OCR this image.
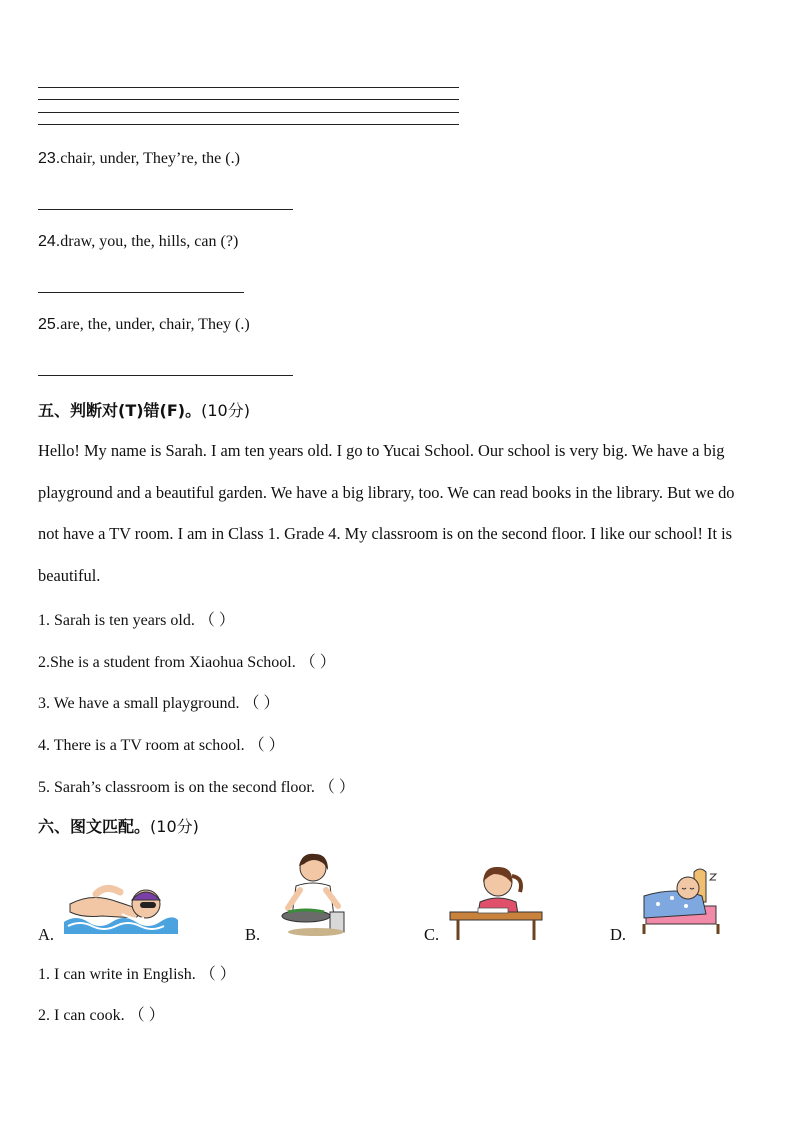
23.chair, under, They’re, the (.)
24.draw, you, the, hills, can (?)
25.are, the, under, chair, They (.)
五、判断对(T)错(F)。(10分)
Hello! My name is Sarah. I am ten years old. I go to Yucai School. Our school is very big. We have a big playground and a beautiful garden. We have a big library, too. We can read books in the library. But we do not have a TV room. I am in Class 1. Grade 4. My classroom is on the second floor. I like our school! It is beautiful.
1. Sarah is ten years old. （ ）
2.She is a student from Xiaohua School. （ ）
3. We have a small playground. （ ）
4. There is a TV room at school. （ ）
5. Sarah’s classroom is on the second floor. （ ）
六、图文匹配。(10分)
A.	B.	C.	D.
1. I can write in English. （ ）
2. I can cook. （ ）
